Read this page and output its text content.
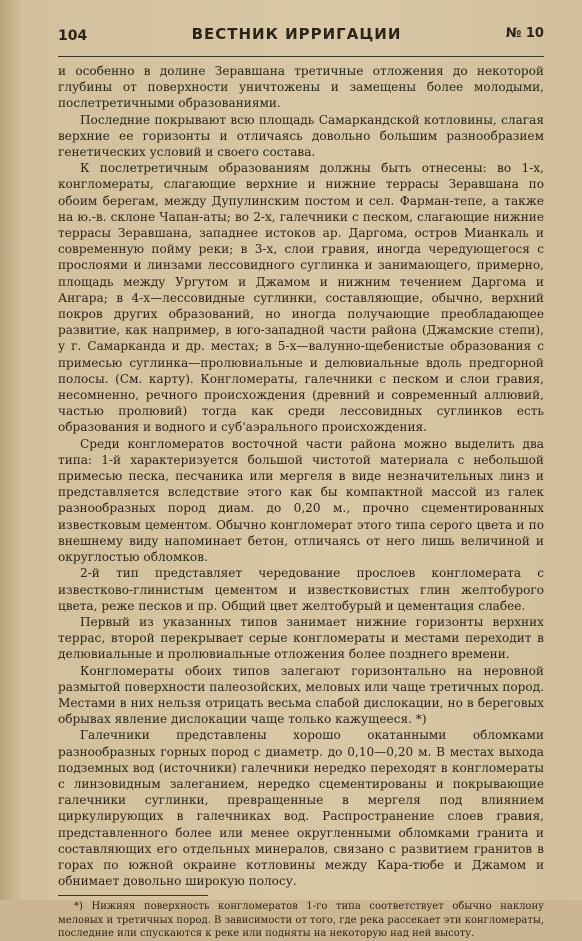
104	ВЕСТНИК ИРРИГАЦИИ	№ 10

и особенно в долине Зеравшана третичные отложения до некоторой глубины от поверхности уничтожены и замещены более молодыми, послетретичными образованиями.

Последние покрывают всю площадь Самаркандской котловины, слагая верхние ее горизонты и отличаясь довольно большим разнообразием генетических условий и своего состава.

К послетретичным образованиям должны быть отнесены: во 1-х, конгломераты, слагающие верхние и нижние террасы Зеравшана по обоим берегам, между Дупулинским постом и сел. Фарман-тепе, а также на ю.-в. склоне Чапан-аты; во 2-х, галечники с песком, слагающие нижние террасы Зеравшана, западнее истоков ар. Даргома, остров Мианкаль и современную пойму реки; в 3-х, слои гравия, иногда чередующегося с прослоями и линзами лессовидного суглинка и занимающего, примерно, площадь между Ургутом и Джамом и нижним течением Даргома и Ангара; в 4-х—лессовидные суглинки, составляющие, обычно, верхний покров других образований, но иногда получающие преобладающее развитие, как например, в юго-западной части района (Джамские степи), у г. Самарканда и др. местах; в 5-х—валунно-щебенистые образования с примесью суглинка—пролювиальные и делювиальные вдоль предгорной полосы. (См. карту). Конгломераты, галечники с песком и слои гравия, несомненно, речного происхождения (древний и современный аллювий, частью пролювий) тогда как среди лессовидных суглинков есть образования и водного и суб'аэрального происхождения.

Среди конгломератов восточной части района можно выделить два типа: 1-й характеризуется большой чистотой материала с небольшой примесью песка, песчаника или мергеля в виде незначительных линз и представляется вследствие этого как бы компактной массой из галек разнообразных пород диам. до 0,20 м., прочно сцементированных известковым цементом. Обычно конгломерат этого типа серого цвета и по внешнему виду напоминает бетон, отличаясь от него лишь величиной и округлостью обломков.

2-й тип представляет чередование прослоев конгломерата с известково-глинистым цементом и известковистых глин желтобурого цвета, реже песков и пр. Общий цвет желтобурый и цементация слабее.

Первый из указанных типов занимает нижние горизонты верхних террас, второй перекрывает серые конгломераты и местами переходит в делювиальные и пролювиальные отложения более позднего времени.

Конгломераты обоих типов залегают горизонтально на неровной размытой поверхности палеозойских, меловых или чаще третичных пород. Местами в них нельзя отрицать весьма слабой дислокации, но в береговых обрывах явление дислокации чаще только кажущееся. *)

Галечники представлены хорошо окатанными обломками разнообразных горных пород с диаметр. до 0,10—0,20 м. В местах выхода подземных вод (источники) галечники нередко переходят в конгломераты с линзовидным залеганием, нередко сцементированы и покрывающие галечники суглинки, превращенные в мергеля под влиянием циркулирующих в галечниках вод. Распространение слоев гравия, представленного более или менее округленными обломками гранита и составляющих его отдельных минералов, связано с развитием гранитов в горах по южной окраине котловины между Кара-тюбе и Джамом и обнимает довольно широкую полосу.

*) Нижняя поверхность конгломератов 1-го типа соответствует обычно наклону меловых и третичных пород. В зависимости от того, где река рассекает эти конгломераты, последние или спускаются к реке или подняты на некоторую над ней высоту.
